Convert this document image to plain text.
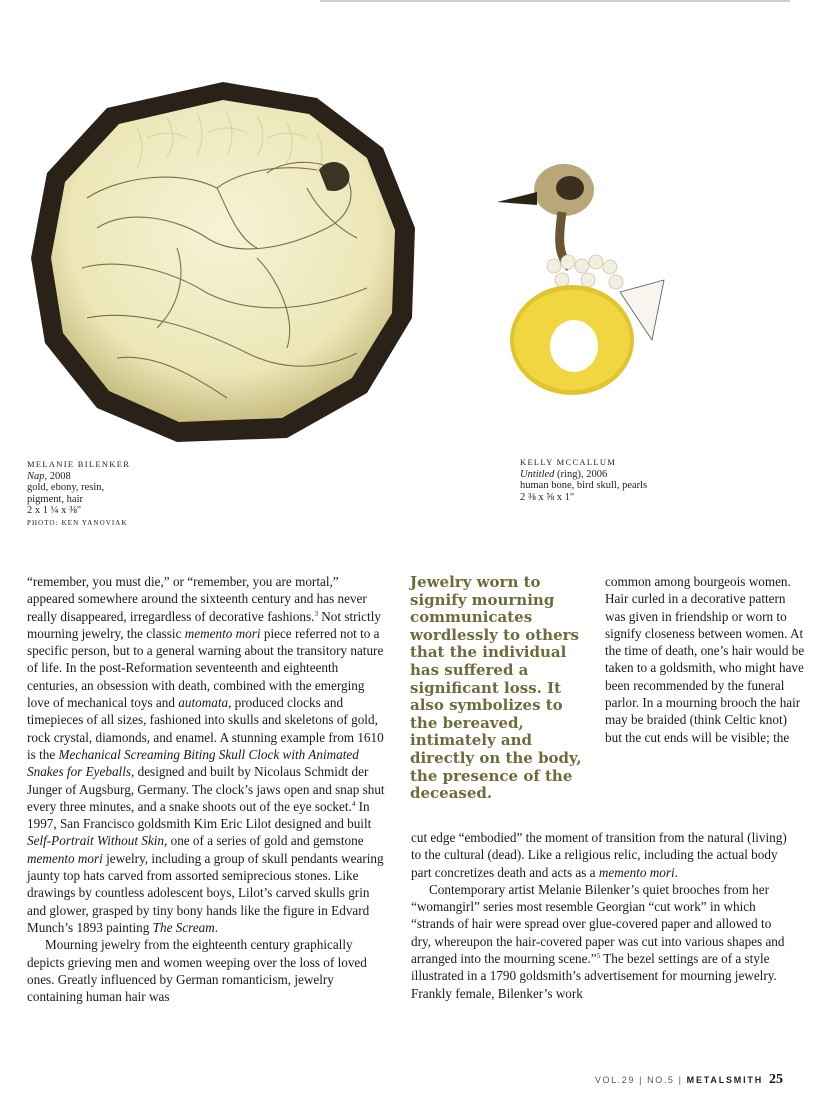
MELANIE BILENKER
Nap, 2008
gold, ebony, resin,
pigment, hair
2 x 1 ¼ x ⅜"
PHOTO: KEN YANOVIAK
KELLY MCCALLUM
Untitled (ring), 2006
human bone, bird skull, pearls
2 ⅜ x ⅝ x 1"

“remember, you must die,” or “remember, you are mortal,” appeared somewhere around the sixteenth century and has never really disappeared, irregardless of decorative fashions.$^3$ Not strictly mourning jewelry, the classic memento mori piece referred not to a specific person, but to a general warning about the transitory nature of life. In the post-Reformation seventeenth and eighteenth centuries, an obsession with death, combined with the emerging love of mechanical toys and automata, produced clocks and timepieces of all sizes, fashioned into skulls and skeletons of gold, rock crystal, diamonds, and enamel. A stunning example from 1610 is the Mechanical Screaming Biting Skull Clock with Animated Snakes for Eyeballs, designed and built by Nicolaus Schmidt der Junger of Augsburg, Germany. The clock’s jaws open and snap shut every three minutes, and a snake shoots out of the eye socket.$^4$ In 1997, San Francisco goldsmith Kim Eric Lilot designed and built Self-Portrait Without Skin, one of a series of gold and gemstone memento mori jewelry, including a group of skull pendants wearing jaunty top hats carved from assorted semiprecious stones. Like drawings by countless adolescent boys, Lilot’s carved skulls grin and glower, grasped by tiny bony hands like the figure in Edvard Munch’s 1893 painting The Scream.

Mourning jewelry from the eighteenth century graphically depicts grieving men and women weeping over the loss of loved ones. Greatly influenced by German romanticism, jewelry containing human hair was

Jewelry worn to signify mourning communicates wordlessly to others that the individual has suffered a significant loss. It also symbolizes to the bereaved, intimately and directly on the body, the presence of the deceased.
common among bourgeois women. Hair curled in a decorative pattern was given in friendship or worn to signify closeness between women. At the time of death, one’s hair would be taken to a goldsmith, who might have been recommended by the funeral parlor. In a mourning brooch the hair may be braided (think Celtic knot) but the cut ends will be visible; the

cut edge “embodied” the moment of transition from the natural (living) to the cultural (dead). Like a religious relic, including the actual body part concretizes death and acts as a memento mori.

Contemporary artist Melanie Bilenker’s quiet brooches from her “womangirl” series most resemble Georgian “cut work” in which “strands of hair were spread over glue-covered paper and allowed to dry, whereupon the hair-covered paper was cut into various shapes and arranged into the mourning scene.”$^5$ The bezel settings are of a style illustrated in a 1790 goldsmith’s advertisement for mourning jewelry. Frankly female, Bilenker’s work

VOL.29 | NO.5 | METALSMITH 25
